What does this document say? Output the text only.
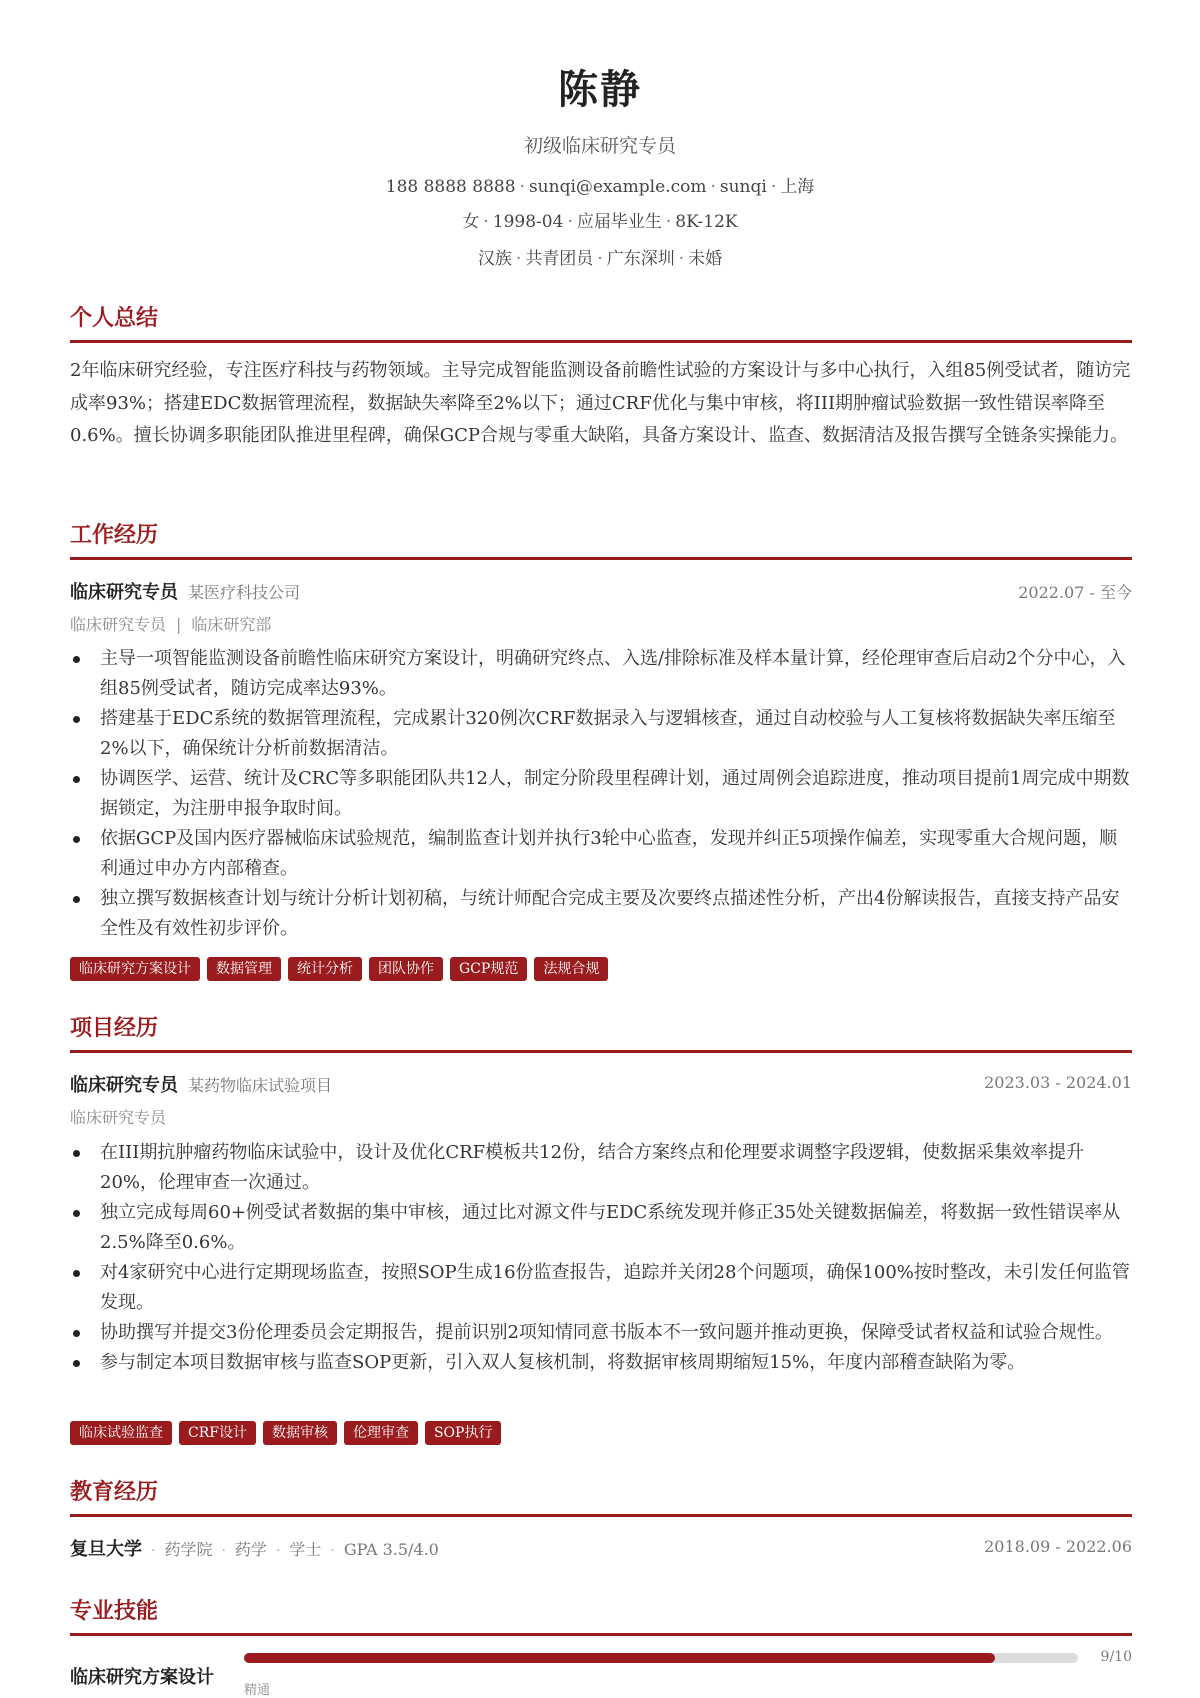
陈静
初级临床研究专员
188 8888 8888 · sunqi@example.com · sunqi · 上海
女 · 1998-04 · 应届毕业生 · 8K-12K
汉族 · 共青团员 · 广东深圳 · 未婚
个人总结
2年临床研究经验，专注医疗科技与药物领域。主导完成智能监测设备前瞻性试验的方案设计与多中心执行，入组85例受试者，随访完成率93%；搭建EDC数据管理流程，数据缺失率降至2%以下；通过CRF优化与集中审核，将III期肿瘤试验数据一致性错误率降至0.6%。擅长协调多职能团队推进里程碑，确保GCP合规与零重大缺陷，具备方案设计、监查、数据清洁及报告撰写全链条实操能力。
工作经历
临床研究专员 某医疗科技公司	2022.07 - 至今
临床研究专员 | 临床研究部
主导一项智能监测设备前瞻性临床研究方案设计，明确研究终点、入选/排除标准及样本量计算，经伦理审查后启动2个分中心，入组85例受试者，随访完成率达93%。
搭建基于EDC系统的数据管理流程，完成累计320例次CRF数据录入与逻辑核查，通过自动校验与人工复核将数据缺失率压缩至2%以下，确保统计分析前数据清洁。
协调医学、运营、统计及CRC等多职能团队共12人，制定分阶段里程碑计划，通过周例会追踪进度，推动项目提前1周完成中期数据锁定，为注册申报争取时间。
依据GCP及国内医疗器械临床试验规范，编制监查计划并执行3轮中心监查，发现并纠正5项操作偏差，实现零重大合规问题，顺利通过申办方内部稽查。
独立撰写数据核查计划与统计分析计划初稿，与统计师配合完成主要及次要终点描述性分析，产出4份解读报告，直接支持产品安全性及有效性初步评价。
临床研究方案设计	数据管理	统计分析	团队协作	GCP规范	法规合规
项目经历
临床研究专员 某药物临床试验项目	2023.03 - 2024.01
临床研究专员
在III期抗肿瘤药物临床试验中，设计及优化CRF模板共12份，结合方案终点和伦理要求调整字段逻辑，使数据采集效率提升20%，伦理审查一次通过。
独立完成每周60+例受试者数据的集中审核，通过比对源文件与EDC系统发现并修正35处关键数据偏差，将数据一致性错误率从2.5%降至0.6%。
对4家研究中心进行定期现场监查，按照SOP生成16份监查报告，追踪并关闭28个问题项，确保100%按时整改，未引发任何监管发现。
协助撰写并提交3份伦理委员会定期报告，提前识别2项知情同意书版本不一致问题并推动更换，保障受试者权益和试验合规性。
参与制定本项目数据审核与监查SOP更新，引入双人复核机制，将数据审核周期缩短15%，年度内部稽查缺陷为零。
临床试验监查	CRF设计	数据审核	伦理审查	SOP执行
教育经历
复旦大学 · 药学院 · 药学 · 学士 · GPA 3.5/4.0	2018.09 - 2022.06
专业技能
临床研究方案设计
9/10
精通
